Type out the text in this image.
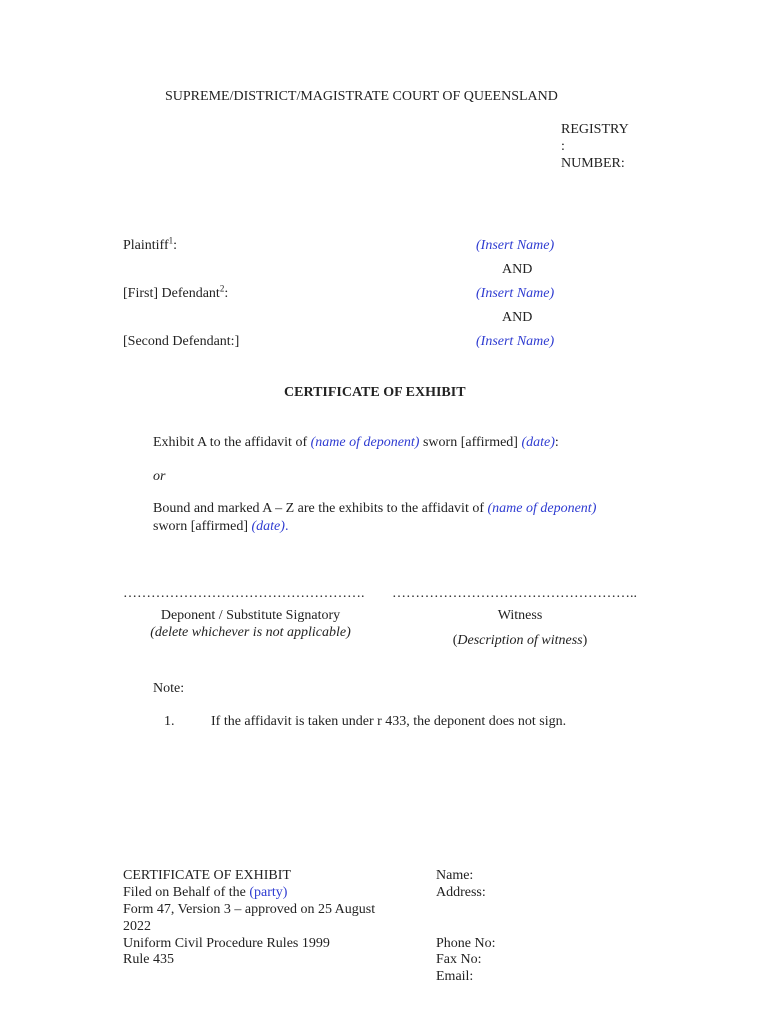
SUPREME/DISTRICT/MAGISTRATE COURT OF QUEENSLAND
REGISTRY
:
NUMBER:
Plaintiff$^1$:	(Insert Name)
AND
[First] Defendant$^2$:	(Insert Name)
AND
[Second Defendant:]	(Insert Name)
CERTIFICATE OF EXHIBIT
Exhibit A to the affidavit of (name of deponent) sworn [affirmed] (date):
or
Bound and marked A – Z are the exhibits to the affidavit of (name of deponent)
sworn [affirmed] (date).
…………………………………………….	……………………………………………..
Deponent / Substitute Signatory
(delete whichever is not applicable)
Witness
(Description of witness)
Note:
1.	If the affidavit is taken under r 433, the deponent does not sign.
CERTIFICATE OF EXHIBIT
Filed on Behalf of the (party)
Form 47, Version 3 – approved on 25 August
2022
Uniform Civil Procedure Rules 1999
Rule 435
Name:
Address:
Phone No:
Fax No:
Email:
